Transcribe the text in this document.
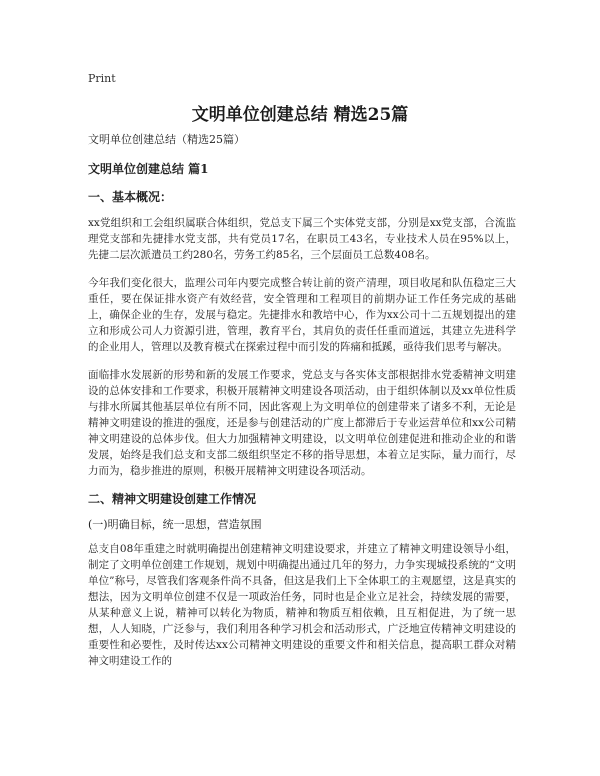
Print
文明单位创建总结 精选25篇

文明单位创建总结（精选25篇）

文明单位创建总结 篇1

一、基本概况：

xx党组织和工会组织属联合体组织，党总支下属三个实体党支部，分别是xx党支部，合流监理党支部和先捷排水党支部，共有党员17名，在职员工43名，专业技术人员在95%以上，先捷二层次派遣员工约280名，劳务工约85名，三个层面员工总数408名。

今年我们变化很大，监理公司年内要完成整合转让前的资产清理，项目收尾和队伍稳定三大重任，要在保证排水资产有效经营，安全管理和工程项目的前期办证工作任务完成的基础上，确保企业的生存，发展与稳定。先捷排水和教培中心，作为xx公司十二五规划提出的建立和形成公司人力资源引进，管理，教育平台，其肩负的责任任重而道远，其建立先进科学的企业用人，管理以及教育模式在探索过程中而引发的阵痛和抵蹊，亟待我们思考与解决。

面临排水发展新的形势和新的发展工作要求，党总支与各实体支部根据排水党委精神文明建设的总体安排和工作要求，积极开展精神文明建设各项活动，由于组织体制以及xx单位性质与排水所属其他基层单位有所不同，因此客观上为文明单位的创建带来了诸多不利，无论是精神文明建设的推进的强度，还是参与创建活动的广度上都滞后于专业运营单位和xx公司精神文明建设的总体步伐。但大力加强精神文明建设，以文明单位创建促进和推动企业的和谐发展，始终是我们总支和支部二级组织坚定不移的指导思想，本着立足实际，量力而行，尽力而为，稳步推进的原则，积极开展精神文明建设各项活动。

二、精神文明建设创建工作情况

(一)明确目标，统一思想，营造氛围

总支自08年重建之时就明确提出创建精神文明建设要求，并建立了精神文明建设领导小组，制定了文明单位创建工作规划，规划中明确提出通过几年的努力，力争实现城投系统的“文明单位”称号，尽管我们客观条件尚不具备，但这是我们上下全体职工的主观愿望，这是真实的想法，因为文明单位创建不仅是一项政治任务，同时也是企业立足社会，持续发展的需要，从某种意义上说，精神可以转化为物质，精神和物质互相依赖，且互相促进，为了统一思想，人人知晓，广泛参与，我们利用各种学习机会和活动形式，广泛地宣传精神文明建设的重要性和必要性，及时传达xx公司精神文明建设的重要文件和相关信息，提高职工群众对精神文明建设工作的
